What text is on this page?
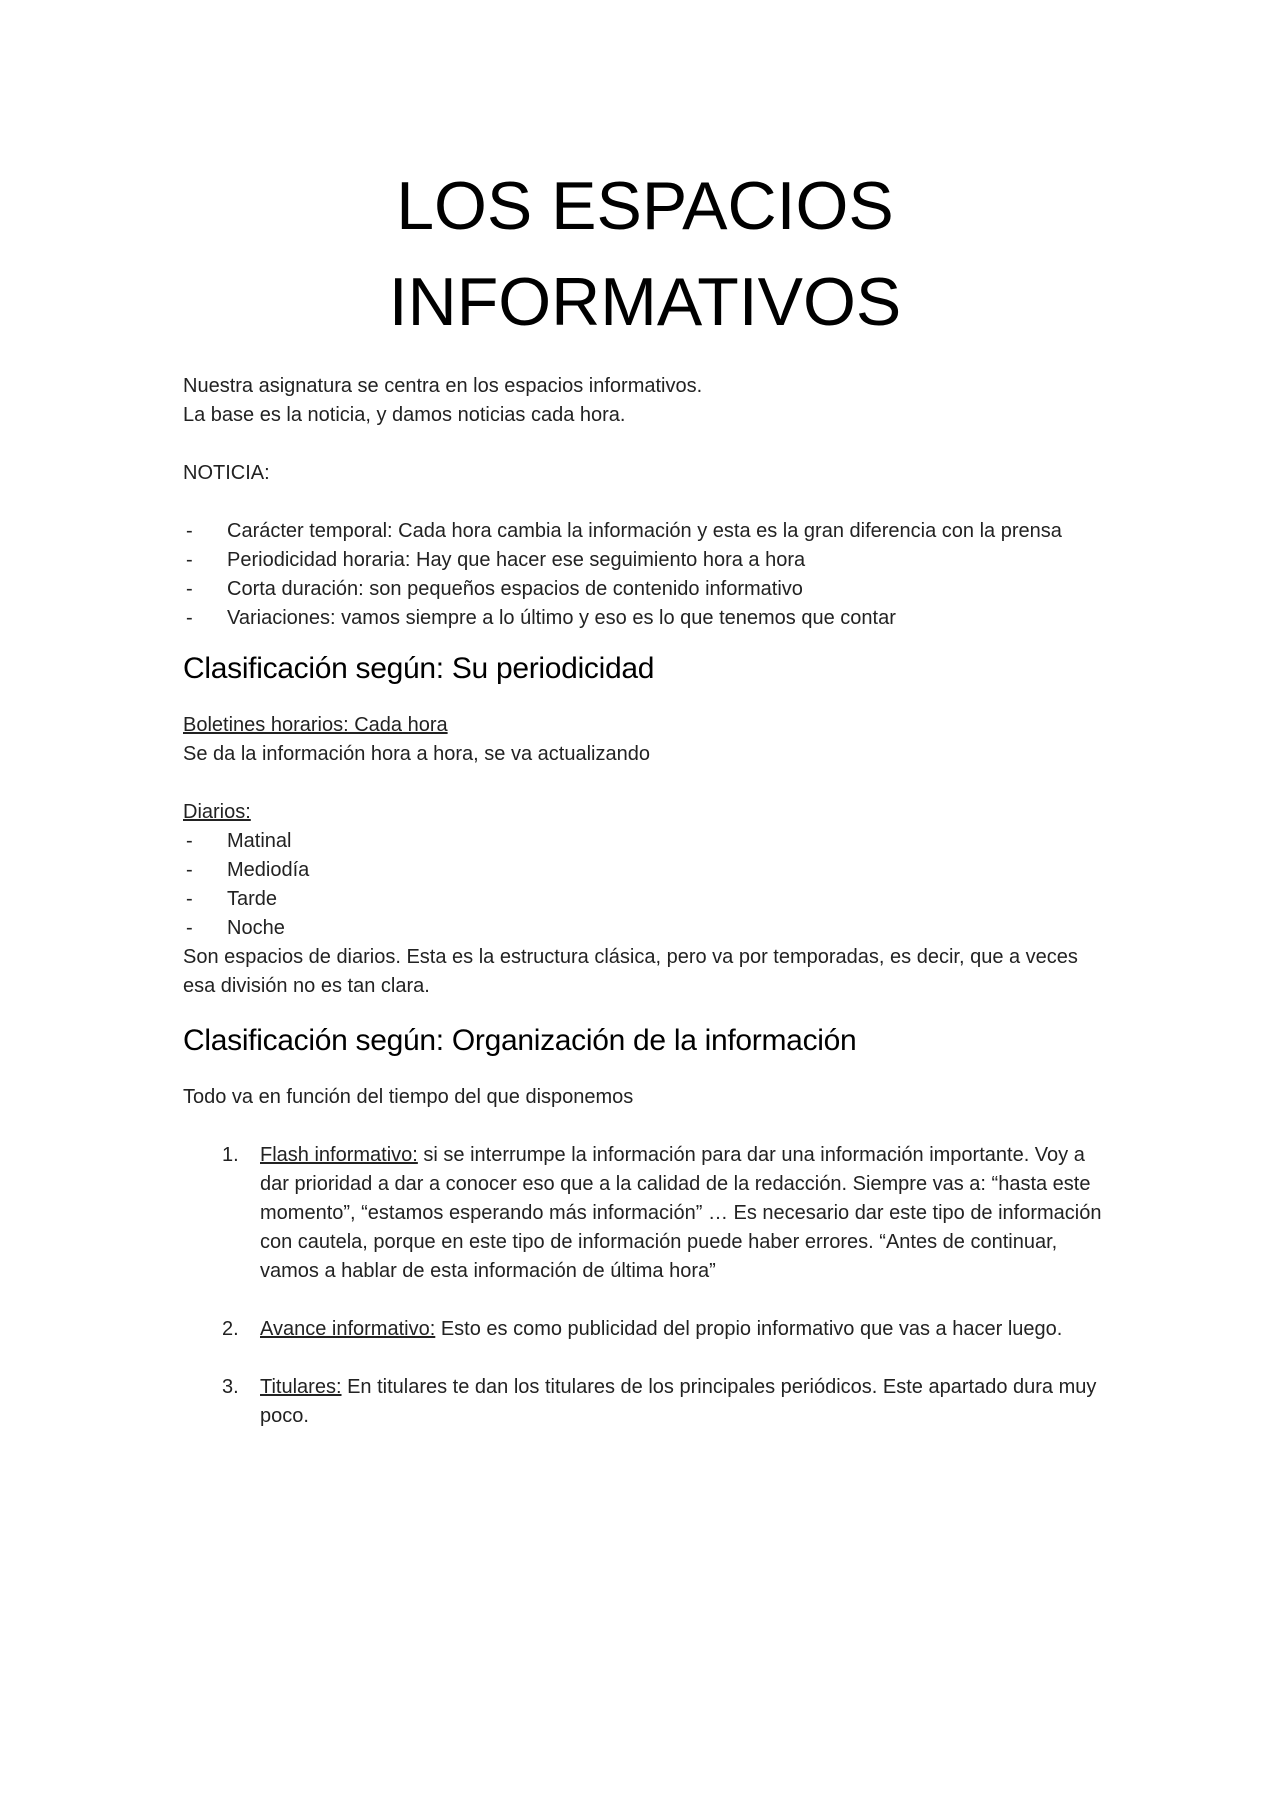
LOS ESPACIOS
INFORMATIVOS

Nuestra asignatura se centra en los espacios informativos.

La base es la noticia, y damos noticias cada hora.

NOTICIA:

- Carácter temporal: Cada hora cambia la información y esta es la gran diferencia con la prensa
- Periodicidad horaria: Hay que hacer ese seguimiento hora a hora
- Corta duración: son pequeños espacios de contenido informativo
- Variaciones: vamos siempre a lo último y eso es lo que tenemos que contar
Clasificación según: Su periodicidad

Boletines horarios: Cada hora

Se da la información hora a hora, se va actualizando

Diarios:

- Matinal
- Mediodía
- Tarde
- Noche

Son espacios de diarios. Esta es la estructura clásica, pero va por temporadas, es decir, que a veces esa división no es tan clara.

Clasificación según: Organización de la información

Todo va en función del tiempo del que disponemos

1. Flash informativo: si se interrumpe la información para dar una información importante. Voy a dar prioridad a dar a conocer eso que a la calidad de la redacción. Siempre vas a: “hasta este momento”, “estamos esperando más información” … Es necesario dar este tipo de información con cautela, porque en este tipo de información puede haber errores. “Antes de continuar, vamos a hablar de esta información de última hora”
2. Avance informativo: Esto es como publicidad del propio informativo que vas a hacer luego.
3. Titulares: En titulares te dan los titulares de los principales periódicos. Este apartado dura muy poco.
